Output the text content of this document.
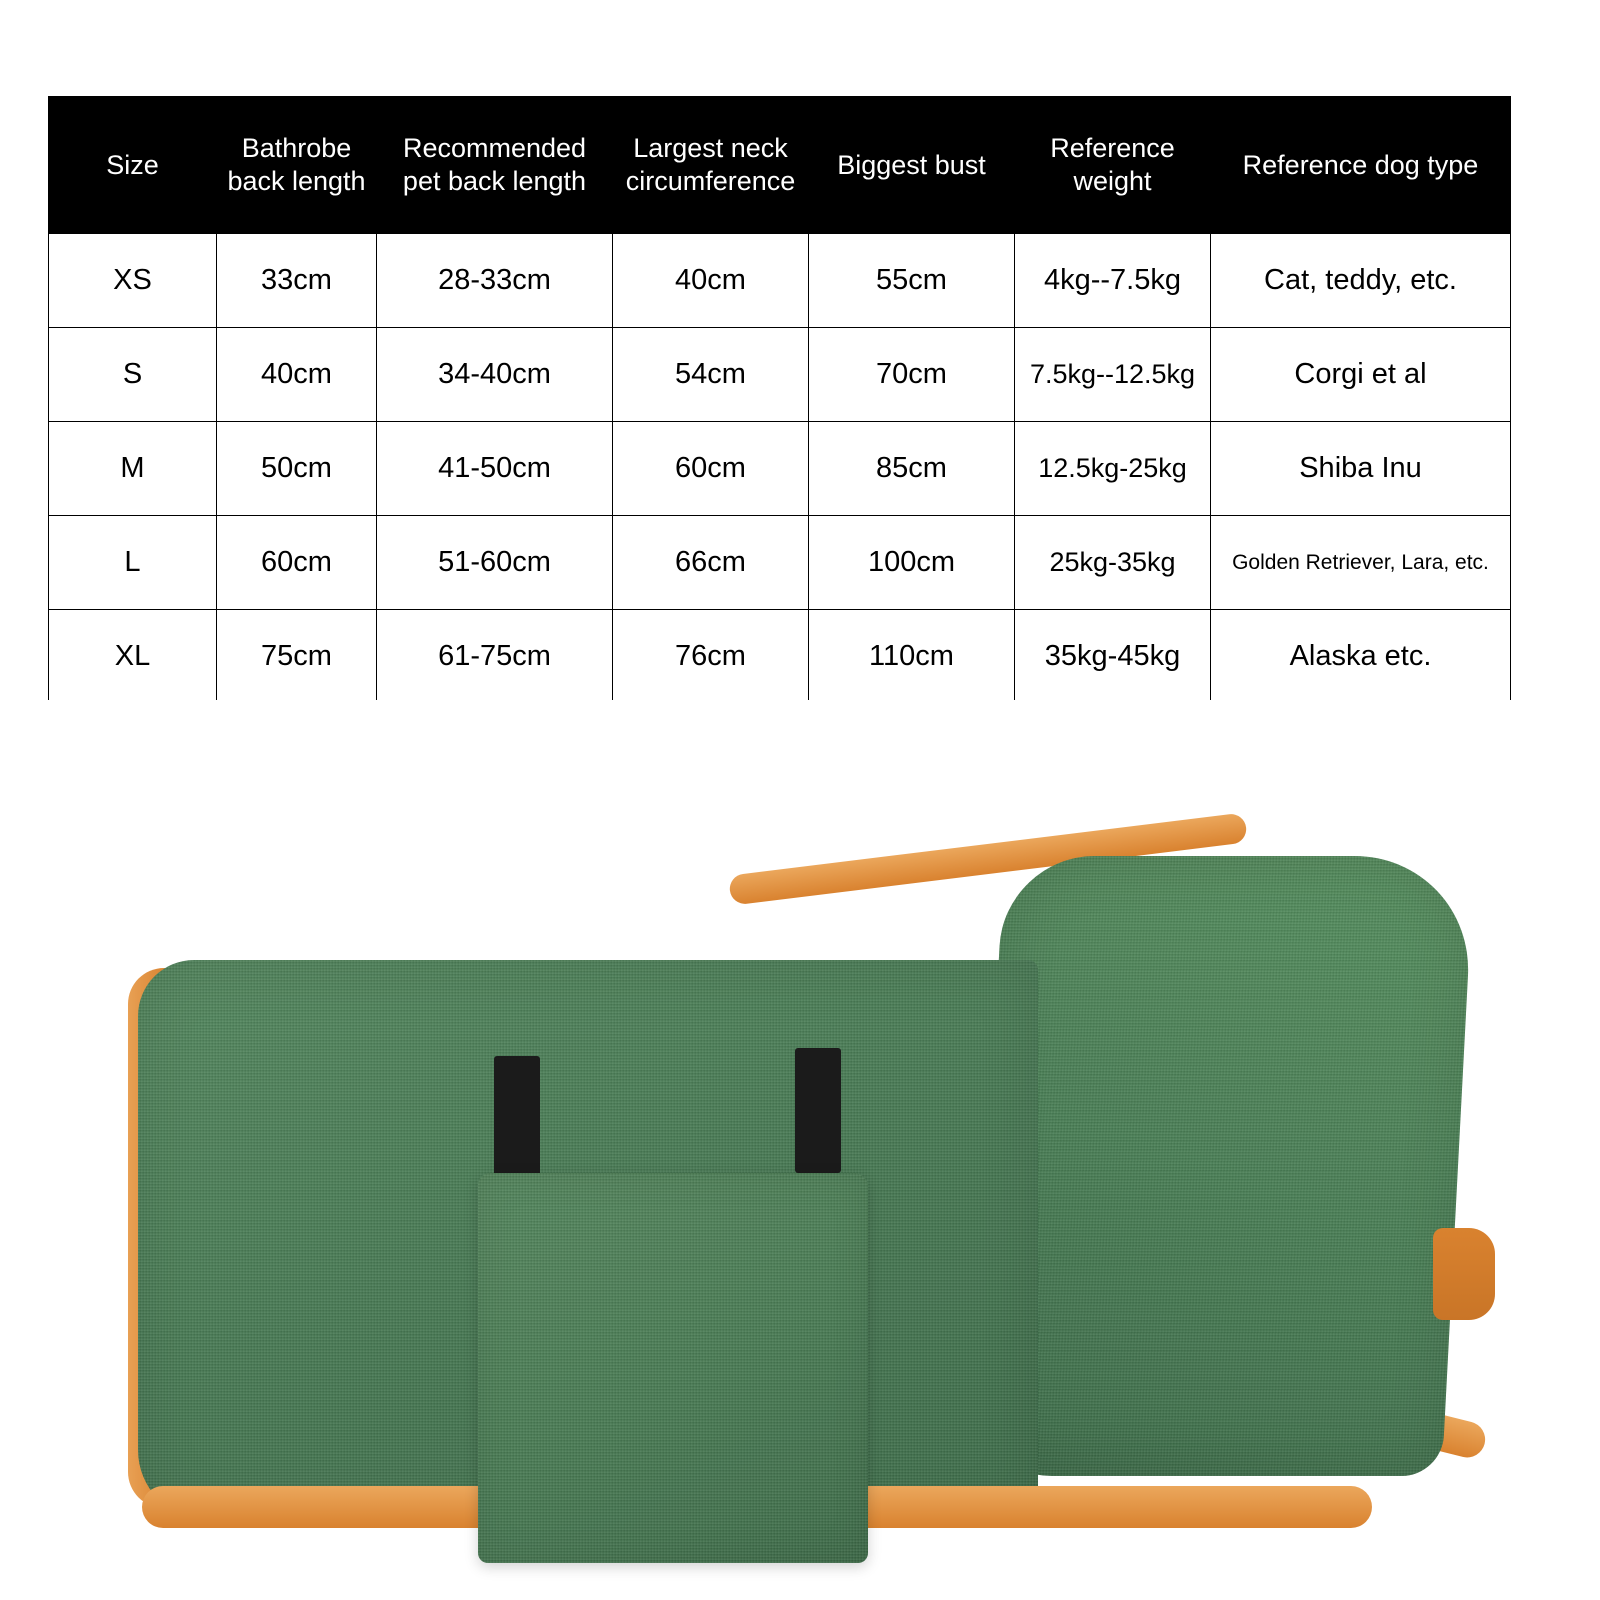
Size	Bathrobe back length	Recommended pet back length	Largest neck circumference	Biggest bust	Reference weight	Reference dog type
XS	33cm	28-33cm	40cm	55cm	4kg--7.5kg	Cat, teddy, etc.
S	40cm	34-40cm	54cm	70cm	7.5kg--12.5kg	Corgi et al
M	50cm	41-50cm	60cm	85cm	12.5kg-25kg	Shiba Inu
L	60cm	51-60cm	66cm	100cm	25kg-35kg	Golden Retriever, Lara, etc.
XL	75cm	61-75cm	76cm	110cm	35kg-45kg	Alaska etc.
